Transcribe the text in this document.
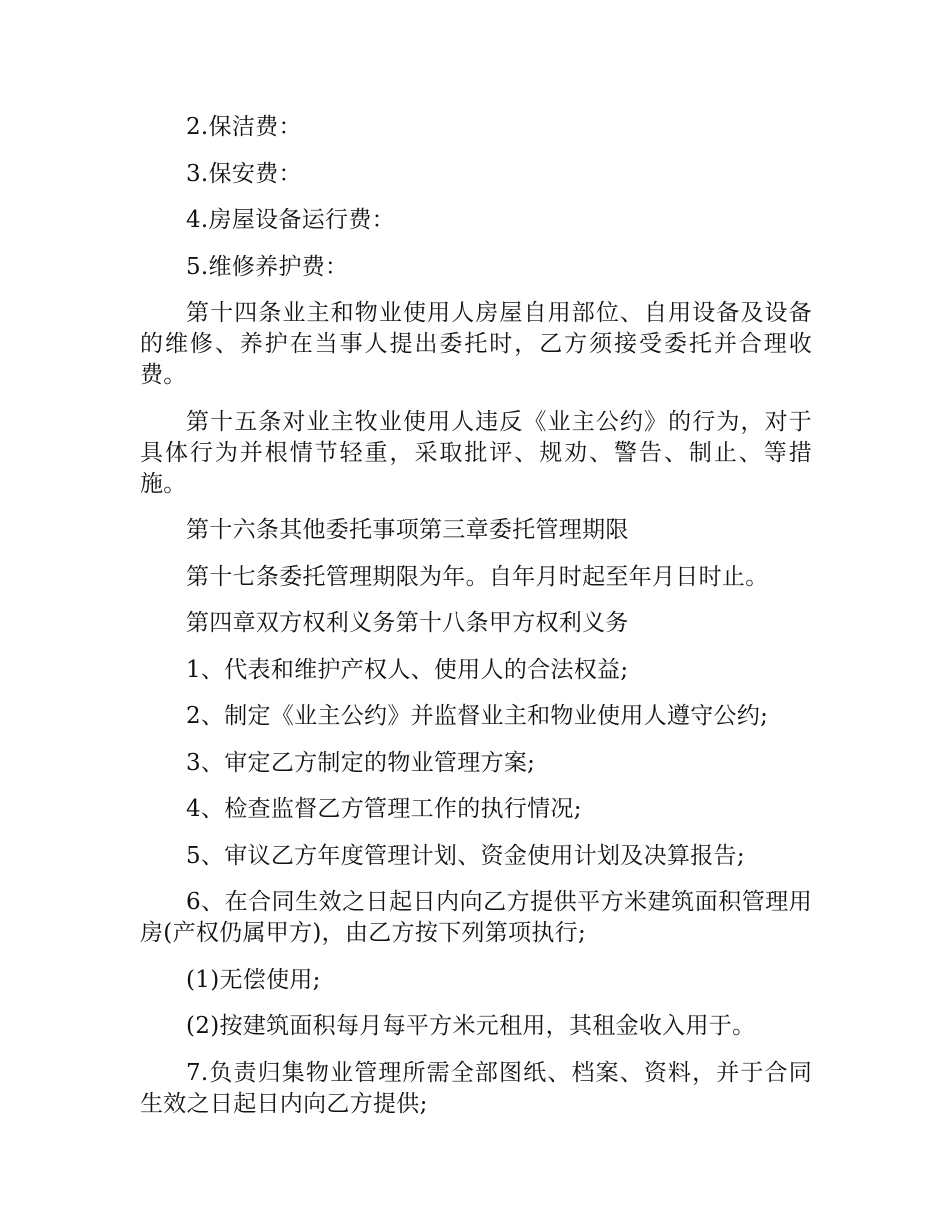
2.保洁费：

3.保安费：

4.房屋设备运行费：

5.维修养护费：

第十四条业主和物业使用人房屋自用部位、自用设备及设备的维修、养护在当事人提出委托时，乙方须接受委托并合理收费。

第十五条对业主牧业使用人违反《业主公约》的行为，对于具体行为并根情节轻重，采取批评、规劝、警告、制止、等措施。

第十六条其他委托事项第三章委托管理期限

第十七条委托管理期限为年。自年月时起至年月日时止。

第四章双方权利义务第十八条甲方权利义务

1、代表和维护产权人、使用人的合法权益;

2、制定《业主公约》并监督业主和物业使用人遵守公约;

3、审定乙方制定的物业管理方案;

4、检查监督乙方管理工作的执行情况;

5、审议乙方年度管理计划、资金使用计划及决算报告;

6、在合同生效之日起日内向乙方提供平方米建筑面积管理用房(产权仍属甲方)，由乙方按下列第项执行;

(1)无偿使用;

(2)按建筑面积每月每平方米元租用，其租金收入用于。

7.负责归集物业管理所需全部图纸、档案、资料，并于合同生效之日起日内向乙方提供;
